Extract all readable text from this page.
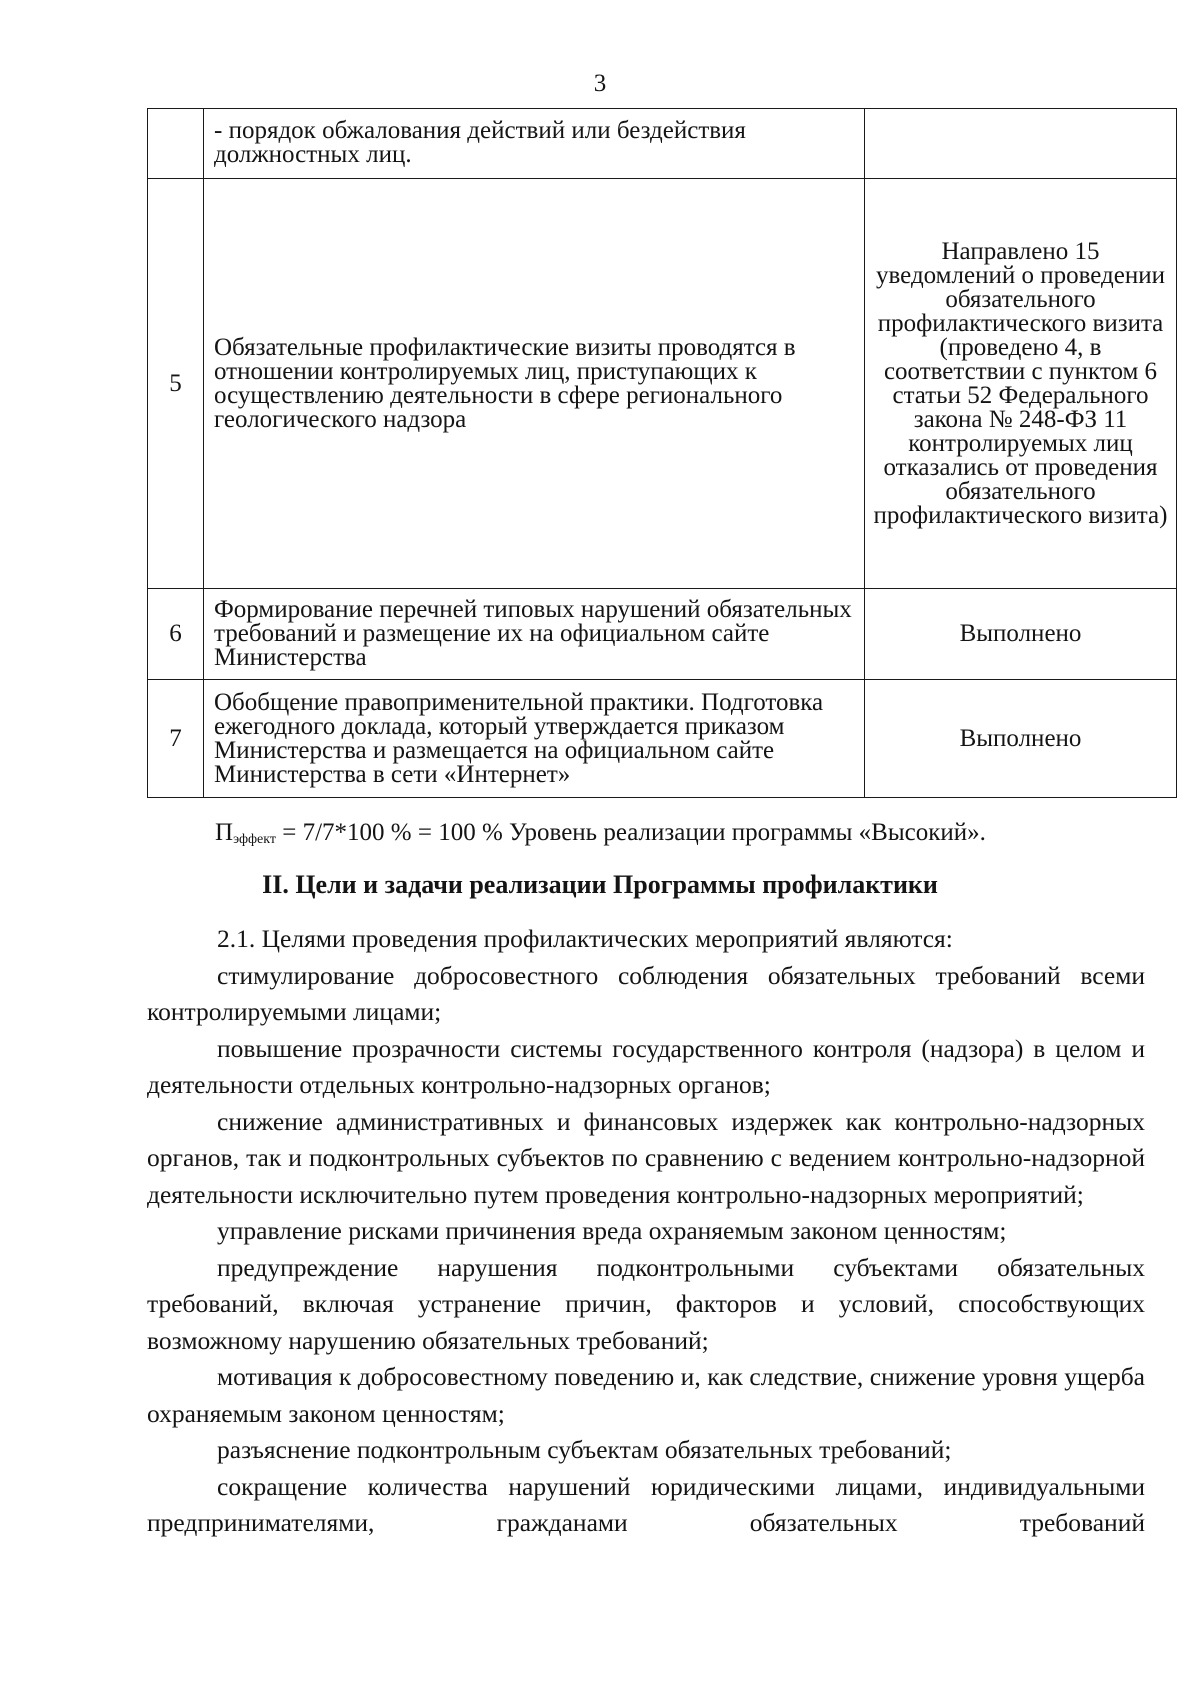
3
	- порядок обжалования действий или бездействия должностных лиц.	
5	Обязательные профилактические визиты проводятся в отношении контролируемых лиц, приступающих к осуществлению деятельности в сфере регионального геологического надзора	Направлено 15 уведомлений о проведении обязательного профилактического визита (проведено 4, в соответствии с пунктом 6 статьи 52 Федерального закона № 248-ФЗ 11 контролируемых лиц отказались от проведения обязательного профилактического визита)
6	Формирование перечней типовых нарушений обязательных требований и размещение их на официальном сайте Министерства	Выполнено
7	Обобщение правоприменительной практики. Подготовка ежегодного доклада, который утверждается приказом Министерства и размещается на официальном сайте Министерства в сети «Интернет»	Выполнено
$П_{эффект} = 7/7*100$ % = 100 % Уровень реализации программы «Высокий».
II. Цели и задачи реализации Программы профилактики

2.1. Целями проведения профилактических мероприятий являются:

стимулирование добросовестного соблюдения обязательных требований всеми контролируемыми лицами;

повышение прозрачности системы государственного контроля (надзора) в целом и деятельности отдельных контрольно-надзорных органов;

снижение административных и финансовых издержек как контрольно-надзорных органов, так и подконтрольных субъектов по сравнению с ведением контрольно-надзорной деятельности исключительно путем проведения контрольно-надзорных мероприятий;

управление рисками причинения вреда охраняемым законом ценностям;

предупреждение нарушения подконтрольными субъектами обязательных требований, включая устранение причин, факторов и условий, способствующих возможному нарушению обязательных требований;

мотивация к добросовестному поведению и, как следствие, снижение уровня ущерба охраняемым законом ценностям;

разъяснение подконтрольным субъектам обязательных требований;

сокращение количества нарушений юридическими лицами, индивидуальными предпринимателями, гражданами обязательных требований
